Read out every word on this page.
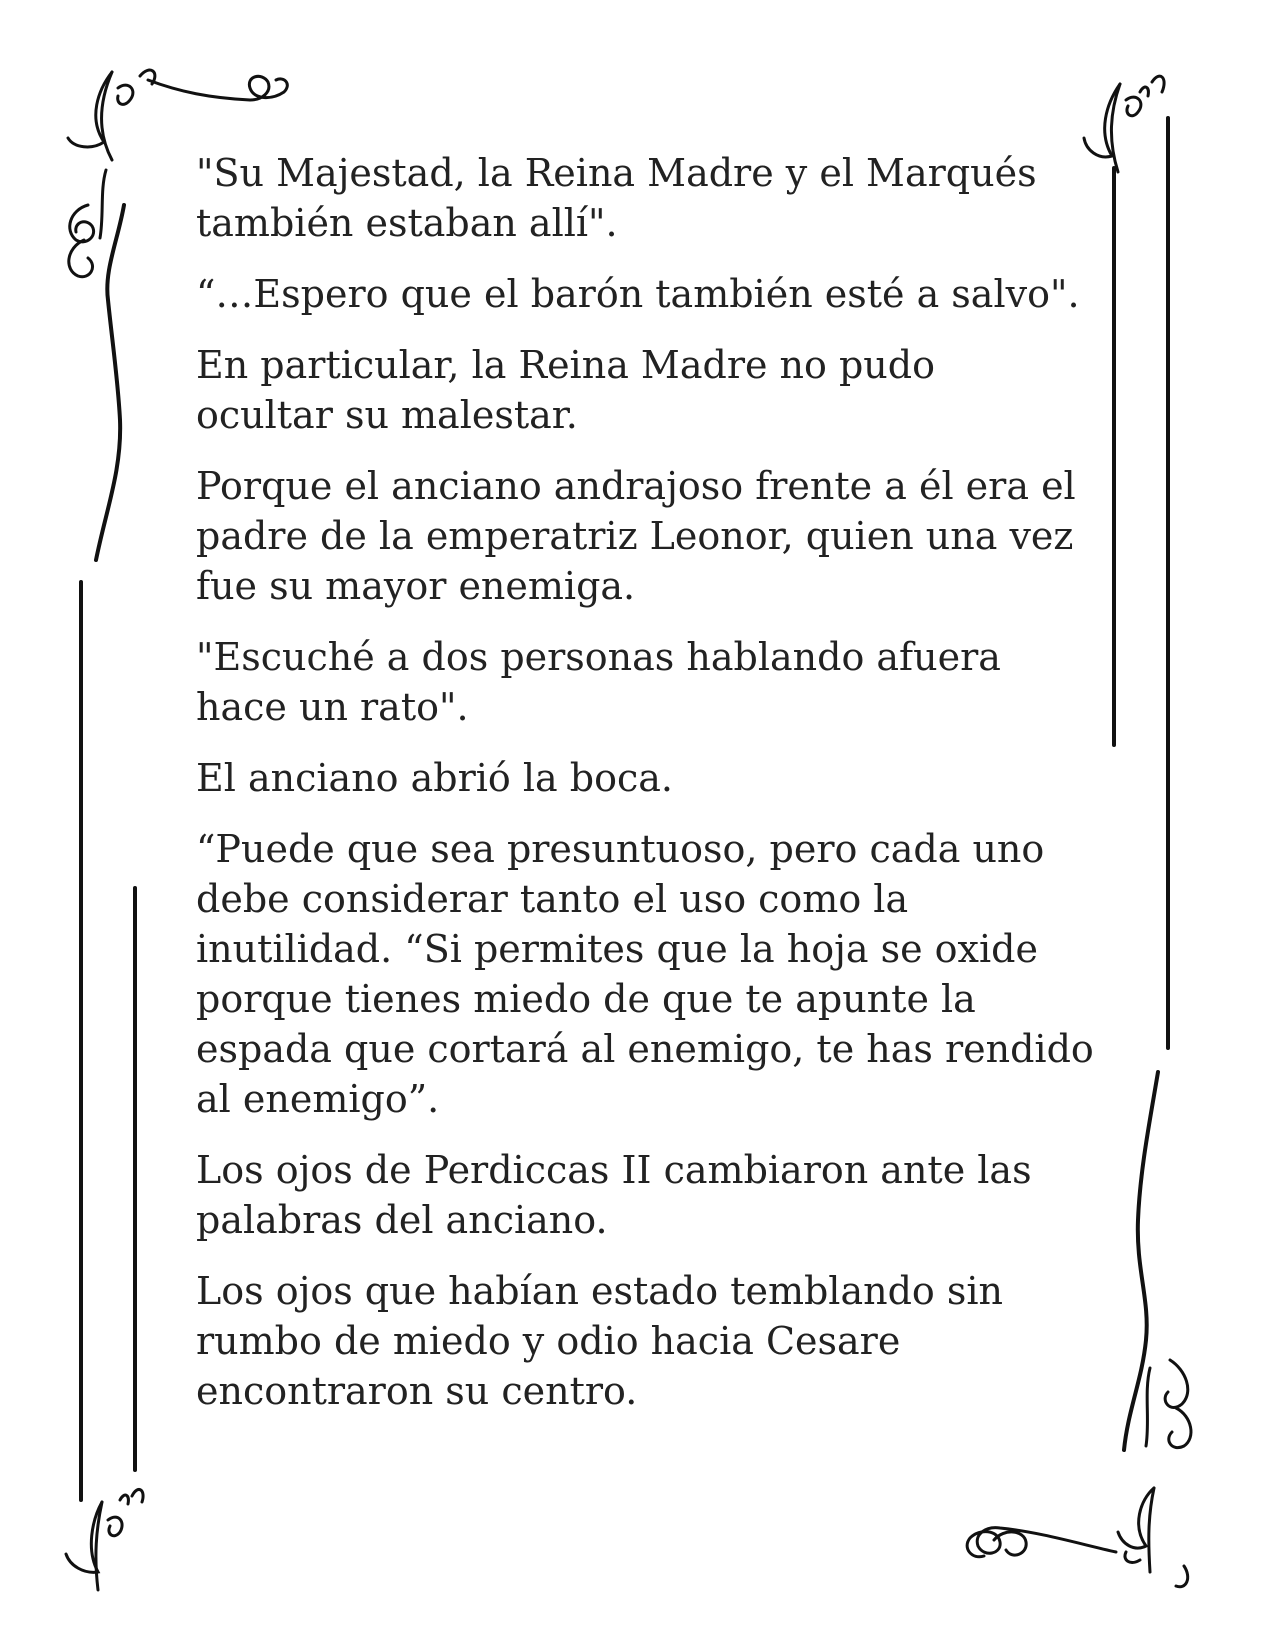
"Su Majestad, la Reina Madre y el Marqués
también estaban allí".

“…Espero que el barón también esté a salvo".

En particular, la Reina Madre no pudo
ocultar su malestar.

Porque el anciano andrajoso frente a él era el
padre de la emperatriz Leonor, quien una vez
fue su mayor enemiga.

"Escuché a dos personas hablando afuera
hace un rato".

El anciano abrió la boca.

“Puede que sea presuntuoso, pero cada uno
debe considerar tanto el uso como la
inutilidad. “Si permites que la hoja se oxide
porque tienes miedo de que te apunte la
espada que cortará al enemigo, te has rendido
al enemigo”.

Los ojos de Perdiccas II cambiaron ante las
palabras del anciano.

Los ojos que habían estado temblando sin
rumbo de miedo y odio hacia Cesare
encontraron su centro.
